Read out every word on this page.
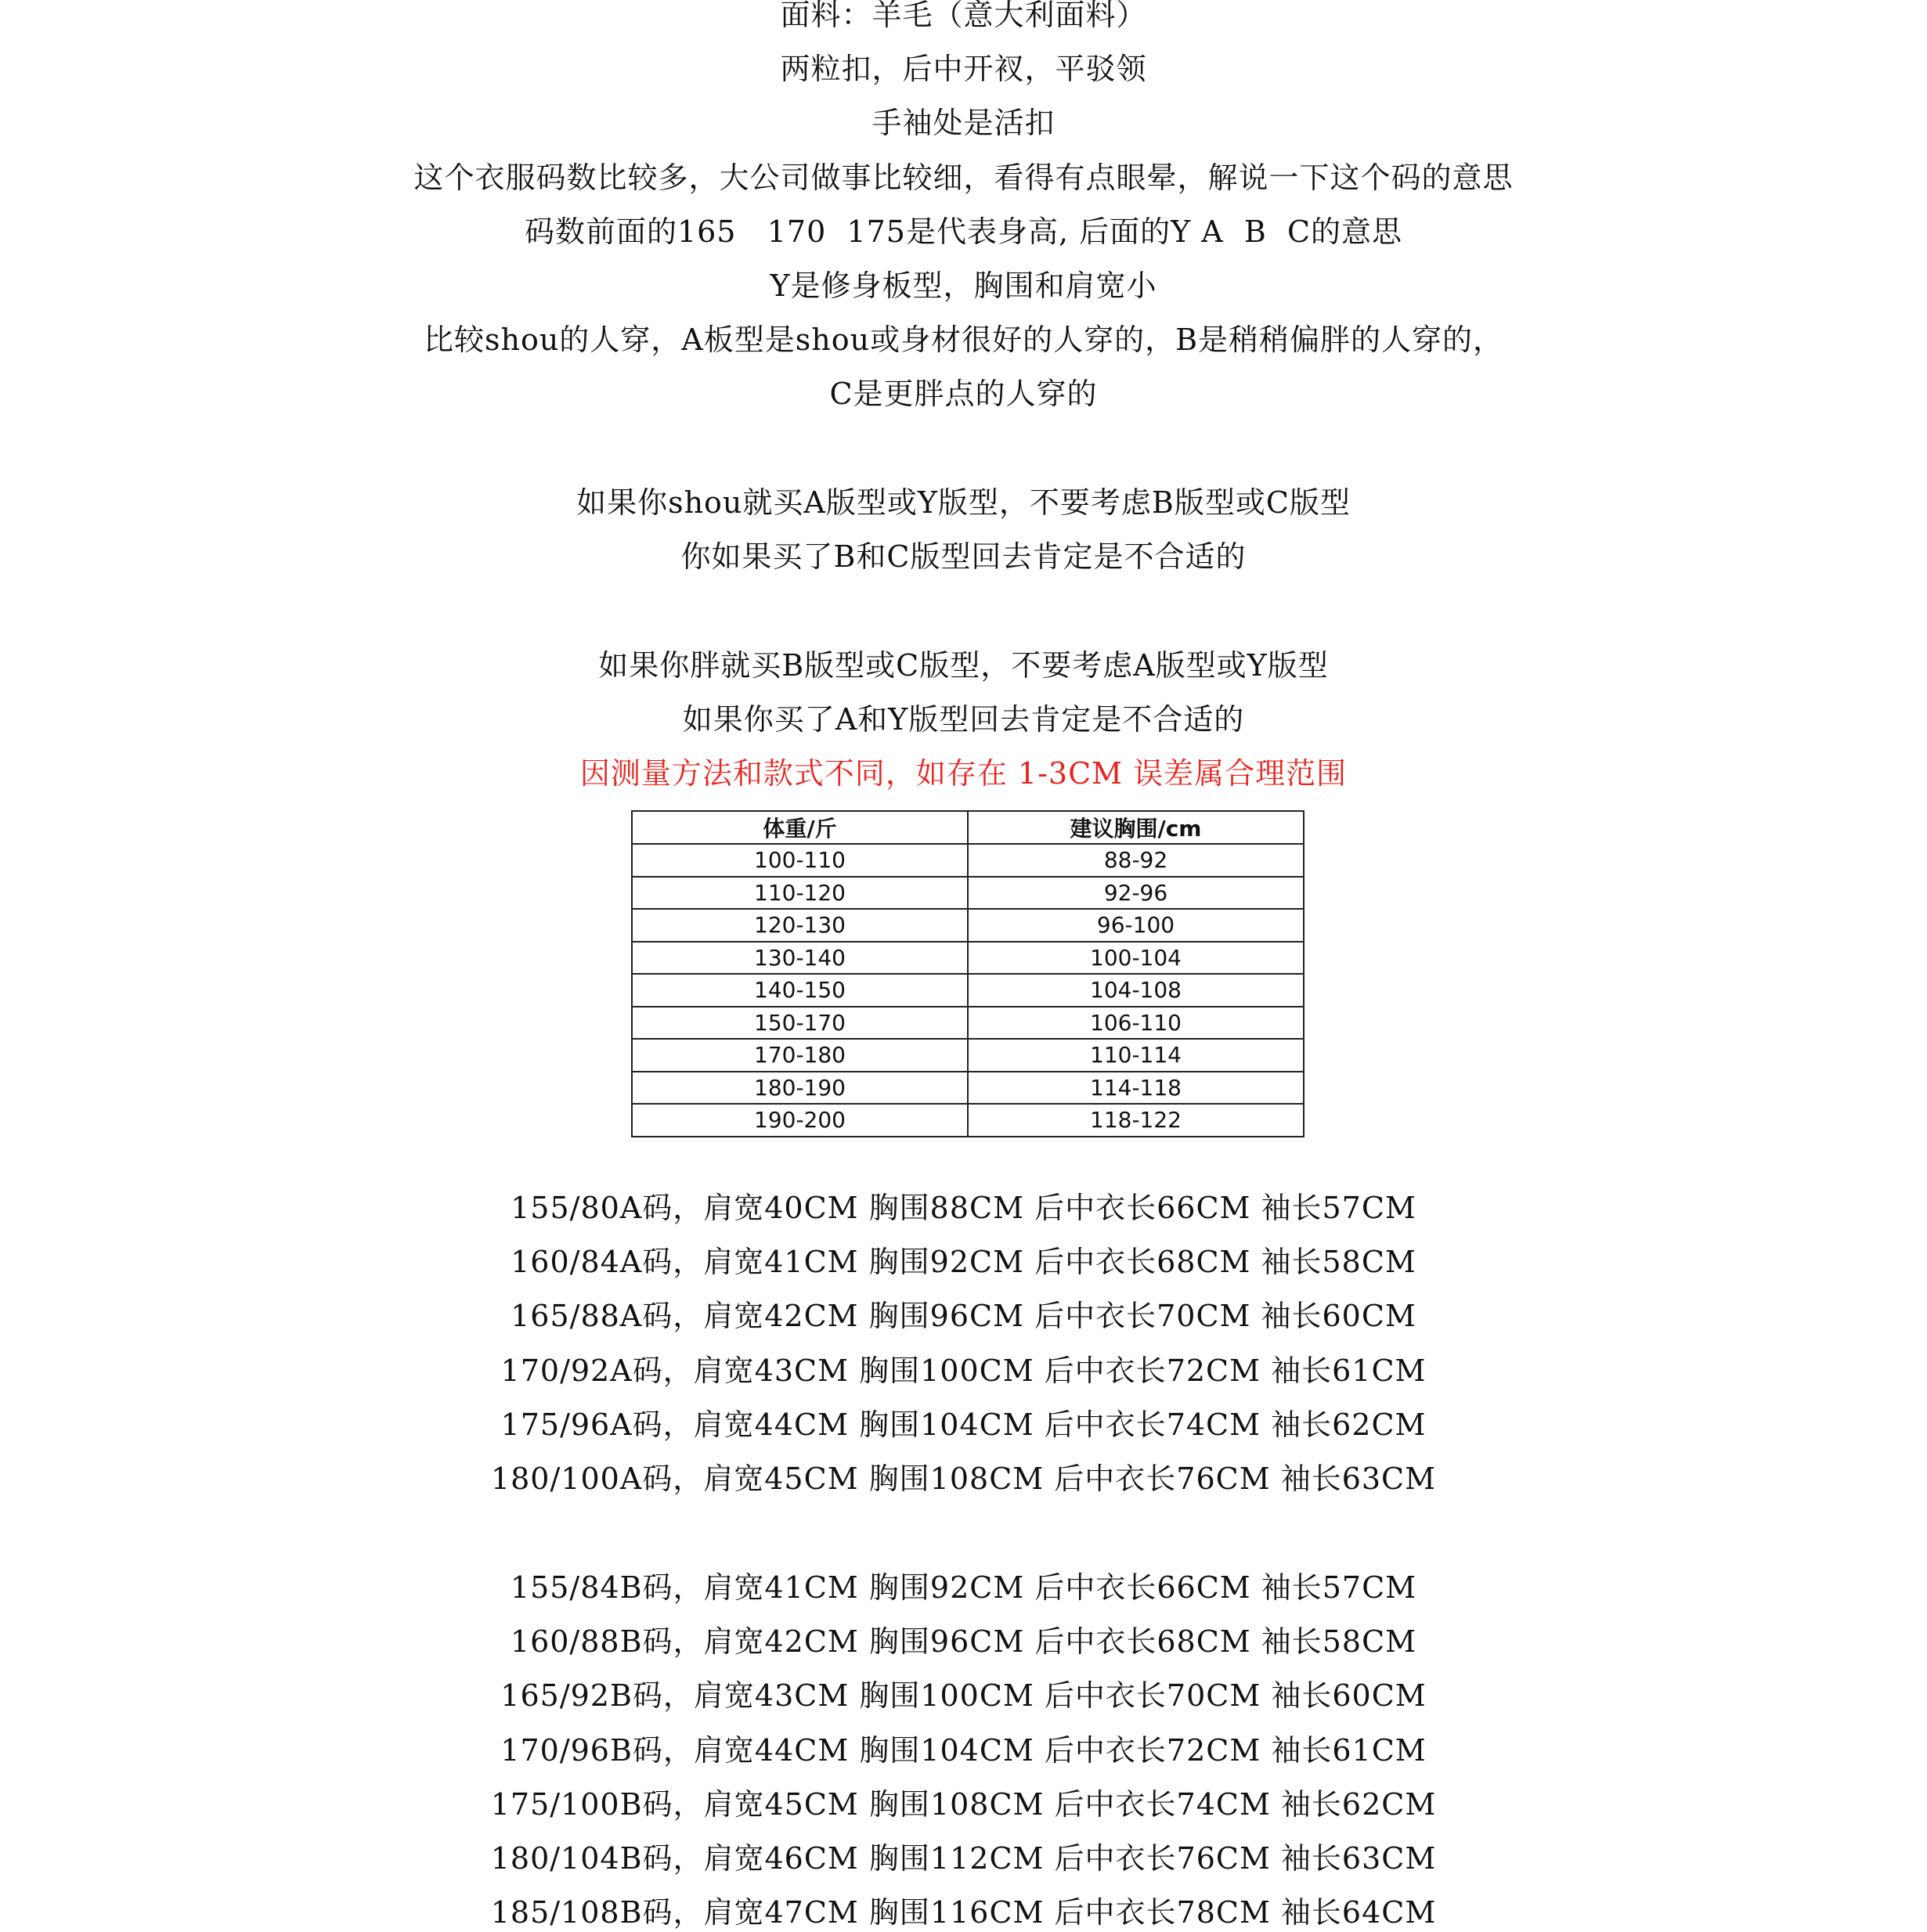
面料：羊毛（意大利面料）
两粒扣，后中开衩，平驳领
手袖处是活扣
这个衣服码数比较多，大公司做事比较细，看得有点眼晕，解说一下这个码的意思
码数前面的165   170  175是代表身高, 后面的Y A  B  C的意思
Y是修身板型，胸围和肩宽小
比较shou的人穿，A板型是shou或身材很好的人穿的，B是稍稍偏胖的人穿的，
C是更胖点的人穿的
如果你shou就买A版型或Y版型，不要考虑B版型或C版型
你如果买了B和C版型回去肯定是不合适的
如果你胖就买B版型或C版型，不要考虑A版型或Y版型
如果你买了A和Y版型回去肯定是不合适的
因测量方法和款式不同，如存在 1-3CM 误差属合理范围
体重/斤	建议胸围/cm
100-110	88-92
110-120	92-96
120-130	96-100
130-140	100-104
140-150	104-108
150-170	106-110
170-180	110-114
180-190	114-118
190-200	118-122
155/80A码，肩宽40CM 胸围88CM 后中衣长66CM 袖长57CM
160/84A码，肩宽41CM 胸围92CM 后中衣长68CM 袖长58CM
165/88A码，肩宽42CM 胸围96CM 后中衣长70CM 袖长60CM
170/92A码，肩宽43CM 胸围100CM 后中衣长72CM 袖长61CM
175/96A码，肩宽44CM 胸围104CM 后中衣长74CM 袖长62CM
180/100A码，肩宽45CM 胸围108CM 后中衣长76CM 袖长63CM
155/84B码，肩宽41CM 胸围92CM 后中衣长66CM 袖长57CM
160/88B码，肩宽42CM 胸围96CM 后中衣长68CM 袖长58CM
165/92B码，肩宽43CM 胸围100CM 后中衣长70CM 袖长60CM
170/96B码，肩宽44CM 胸围104CM 后中衣长72CM 袖长61CM
175/100B码，肩宽45CM 胸围108CM 后中衣长74CM 袖长62CM
180/104B码，肩宽46CM 胸围112CM 后中衣长76CM 袖长63CM
185/108B码，肩宽47CM 胸围116CM 后中衣长78CM 袖长64CM
